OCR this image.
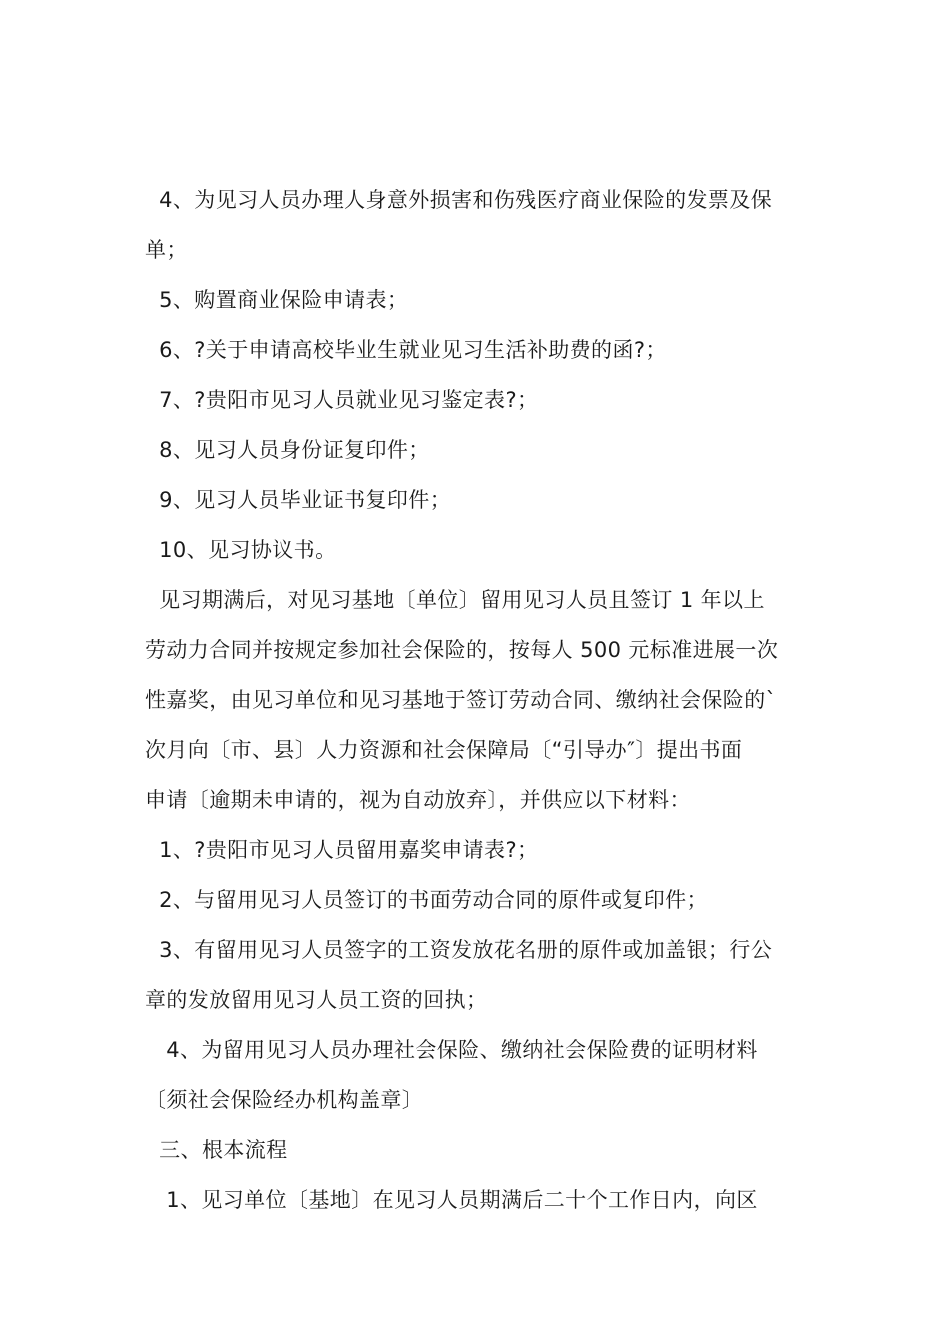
4、为见习人员办理人身意外损害和伤残医疗商业保险的发票及保
单；
5、购置商业保险申请表；
6、?关于申请高校毕业生就业见习生活补助费的函?；
7、?贵阳市见习人员就业见习鉴定表?；
8、见习人员身份证复印件；
9、见习人员毕业证书复印件；
10、见习协议书。
见习期满后，对见习基地〔单位〕留用见习人员且签订 1 年以上
劳动力合同并按规定参加社会保险的，按每人 500 元标准进展一次
性嘉奖，由见习单位和见习基地于签订劳动合同、缴纳社会保险的`
次月向〔市、县〕人力资源和社会保障局〔“引导办″〕提出书面
申请〔逾期未申请的，视为自动放弃〕，并供应以下材料：
1、?贵阳市见习人员留用嘉奖申请表?；
2、与留用见习人员签订的书面劳动合同的原件或复印件；
3、有留用见习人员签字的工资发放花名册的原件或加盖银；行公
章的发放留用见习人员工资的回执；
4、为留用见习人员办理社会保险、缴纳社会保险费的证明材料
〔须社会保险经办机构盖章〕
三、根本流程
1、见习单位〔基地〕在见习人员期满后二十个工作日内，向区
